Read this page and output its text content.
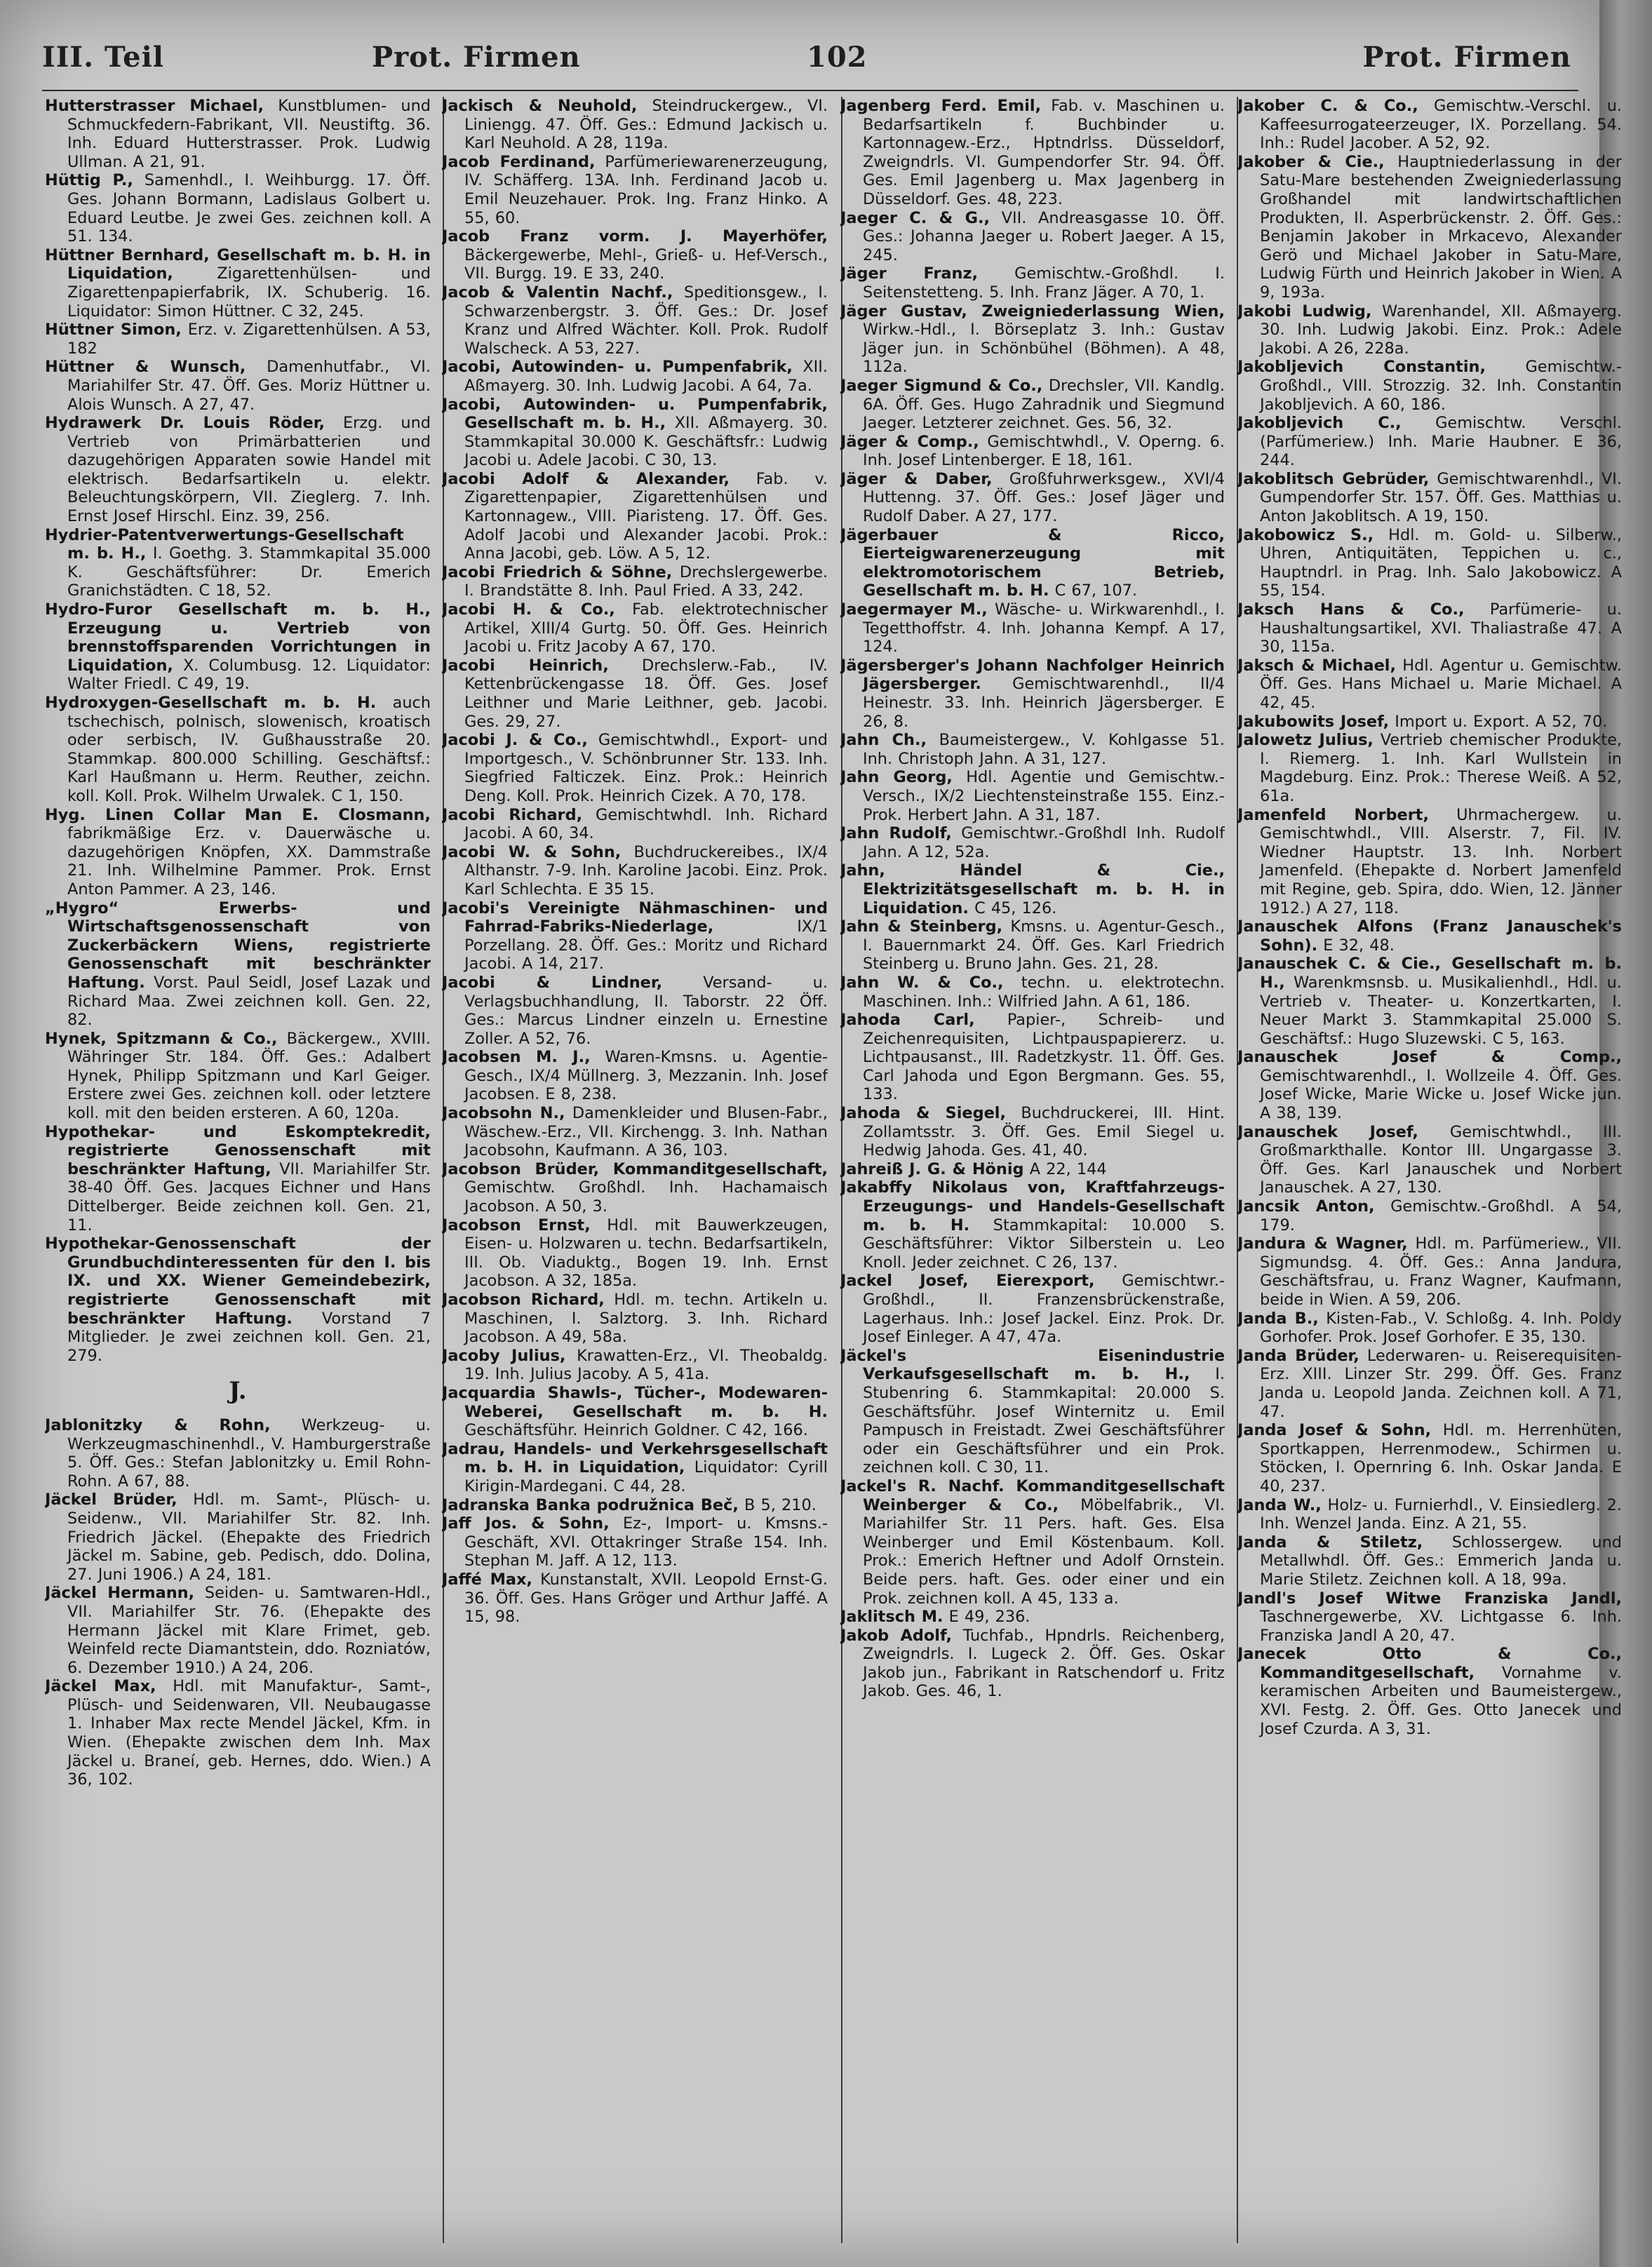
III. Teil	Prot. Firmen	102	Prot. Firmen

Hutterstrasser Michael, Kunstblumen- und Schmuckfedern-Fabrikant, VII. Neustiftg. 36. Inh. Eduard Hutterstrasser. Prok. Ludwig Ullman. A 21, 91.

Hüttig P., Samenhdl., I. Weihburgg. 17. Öff. Ges. Johann Bormann, Ladislaus Golbert u. Eduard Leutbe. Je zwei Ges. zeichnen koll. A 51. 134.

Hüttner Bernhard, Gesellschaft m. b. H. in Liquidation,	Zigarettenhülsen- und Zigarettenpapierfabrik, IX. Schuberig. 16. Liquidator: Simon Hüttner. C 32, 245.

Hüttner Simon, Erz. v. Zigarettenhülsen. A 53, 182

Hüttner & Wunsch, Damenhutfabr., VI. Mariahilfer Str. 47. Öff. Ges. Moriz Hüttner u. Alois Wunsch. A 27, 47.

Hydrawerk Dr. Louis Röder, Erzg. und Vertrieb von Primärbatterien und dazugehörigen Apparaten sowie Handel mit elektrisch. Bedarfsartikeln u. elektr. Beleuchtungskörpern, VII. Zieglerg. 7. Inh. Ernst Josef Hirschl. Einz. 39, 256.

Hydrier-Patentverwertungs-Gesellschaft m. b. H., I. Goethg. 3. Stammkapital 35.000 K. Geschäftsführer: Dr. Emerich Granichstädten. C 18, 52.

Hydro-Furor Gesellschaft m. b. H., Erzeugung u. Vertrieb von brennstoffsparenden Vorrichtungen in Liquidation, X. Columbusg. 12. Liquidator: Walter Friedl. C 49, 19.

Hydroxygen-Gesellschaft m. b. H. auch tschechisch, polnisch, slowenisch, kroatisch oder serbisch, IV. Gußhausstraße 20. Stammkap. 800.000 Schilling. Geschäftsf.: Karl Haußmann u. Herm. Reuther, zeichn. koll. Koll. Prok. Wilhelm Urwalek. C 1, 150.

Hyg. Linen Collar Man E. Closmann, fabrikmäßige Erz. v. Dauerwäsche u. dazugehörigen Knöpfen, XX. Dammstraße 21. Inh. Wilhelmine Pammer. Prok. Ernst Anton Pammer. A 23, 146.

„Hygro“ Erwerbs- und Wirtschaftsgenossenschaft von Zuckerbäckern Wiens, registrierte Genossenschaft mit beschränkter Haftung. Vorst. Paul Seidl, Josef Lazak und Richard Maa. Zwei zeichnen koll. Gen. 22, 82.

Hynek, Spitzmann & Co., Bäckergew., XVIII. Währinger Str. 184. Öff. Ges.: Adalbert Hynek, Philipp Spitzmann und Karl Geiger. Erstere zwei Ges. zeichnen koll. oder letztere koll. mit den beiden ersteren. A 60, 120a.

Hypothekar- und Eskomptekredit, registrierte Genossenschaft mit beschränkter Haftung, VII. Mariahilfer Str. 38-40 Öff. Ges. Jacques Eichner und Hans Dittelberger. Beide zeichnen koll. Gen. 21, 11.

Hypothekar-Genossenschaft der Grundbuchdinteressenten für den I. bis IX. und XX. Wiener Gemeindebezirk, registrierte Genossenschaft mit beschränkter Haftung. Vorstand 7 Mitglieder. Je zwei zeichnen koll. Gen. 21, 279.

J.

Jablonitzky & Rohn, Werkzeug- u. Werkzeugmaschinenhdl., V. Hamburgerstraße 5. Öff. Ges.: Stefan Jablonitzky u. Emil Rohn-Rohn. A 67, 88.

Jäckel Brüder, Hdl. m. Samt-, Plüsch- u. Seidenw., VII. Mariahilfer Str. 82. Inh. Friedrich Jäckel. (Ehepakte des Friedrich Jäckel m. Sabine, geb. Pedisch, ddo. Dolina, 27. Juni 1906.) A 24, 181.

Jäckel Hermann, Seiden- u. Samtwaren-Hdl., VII. Mariahilfer Str. 76. (Ehepakte des Hermann Jäckel mit Klare Frimet, geb. Weinfeld recte Diamantstein, ddo. Rozniatów, 6. Dezember 1910.) A 24, 206.

Jäckel Max, Hdl. mit Manufaktur-, Samt-, Plüsch- und Seidenwaren, VII. Neubaugasse 1. Inhaber Max recte Mendel Jäckel, Kfm. in Wien. (Ehepakte zwischen dem Inh. Max Jäckel u. Braneí, geb. Hernes, ddo. Wien.) A 36, 102.

Jackisch & Neuhold, Steindruckergew., VI. Liniengg. 47. Öff. Ges.: Edmund Jackisch u. Karl Neuhold. A 28, 119a.

Jacob Ferdinand, Parfümeriewarenerzeugung, IV. Schäfferg. 13A. Inh. Ferdinand Jacob u. Emil Neuzehauer. Prok. Ing. Franz Hinko. A 55, 60.

Jacob Franz vorm. J. Mayerhöfer, Bäckergewerbe, Mehl-, Grieß- u. Hef-Versch., VII. Burgg. 19. E 33, 240.

Jacob & Valentin Nachf., Speditionsgew., I. Schwarzenbergstr. 3. Öff. Ges.: Dr. Josef Kranz und Alfred Wächter. Koll. Prok. Rudolf Walscheck. A 53, 227.

Jacobi, Autowinden- u. Pumpenfabrik, XII. Aßmayerg. 30. Inh. Ludwig Jacobi. A 64, 7a.

Jacobi, Autowinden- u. Pumpenfabrik, Gesellschaft m. b. H., XII. Aßmayerg. 30. Stammkapital 30.000 K. Geschäftsfr.: Ludwig Jacobi u. Adele Jacobi. C 30, 13.

Jacobi Adolf & Alexander, Fab. v. Zigarettenpapier, Zigarettenhülsen und Kartonnagew., VIII. Piaristeng. 17. Öff. Ges. Adolf Jacobi und Alexander Jacobi. Prok.: Anna Jacobi, geb. Löw. A 5, 12.

Jacobi Friedrich & Söhne, Drechslergewerbe. I. Brandstätte 8. Inh. Paul Fried. A 33, 242.

Jacobi H. & Co., Fab. elektrotechnischer Artikel, XIII/4 Gurtg. 50. Öff. Ges. Heinrich Jacobi u. Fritz Jacoby A 67, 170.

Jacobi Heinrich, Drechslerw.-Fab., IV. Kettenbrückengasse 18. Öff. Ges. Josef Leithner und Marie Leithner, geb. Jacobi. Ges. 29, 27.

Jacobi J. & Co., Gemischtwhdl., Export- und Importgesch., V. Schönbrunner Str. 133. Inh. Siegfried Falticzek. Einz. Prok.: Heinrich Deng. Koll. Prok. Heinrich Cizek. A 70, 178.

Jacobi Richard, Gemischtwhdl. Inh. Richard Jacobi. A 60, 34.

Jacobi W. & Sohn, Buchdruckereibes., IX/4 Althanstr. 7-9. Inh. Karoline Jacobi. Einz. Prok. Karl Schlechta. E 35 15.

Jacobi's Vereinigte Nähmaschinen- und Fahrrad-Fabriks-Niederlage,	IX/1 Porzellang. 28. Öff. Ges.: Moritz und Richard Jacobi. A 14, 217.

Jacobi & Lindner,	Versand- u. Verlagsbuchhandlung, II. Taborstr. 22 Öff. Ges.: Marcus Lindner einzeln u. Ernestine Zoller. A 52, 76.

Jacobsen M. J., Waren-Kmsns. u. Agentie-Gesch., IX/4 Müllnerg. 3, Mezzanin. Inh. Josef Jacobsen. E 8, 238.

Jacobsohn N., Damenkleider und Blusen-Fabr., Wäschew.-Erz., VII. Kirchengg. 3. Inh. Nathan Jacobsohn, Kaufmann. A 36, 103.

Jacobson Brüder, Kommanditgesellschaft, Gemischtw. Großhdl. Inh. Hachamaisch Jacobson. A 50, 3.

Jacobson Ernst, Hdl. mit Bauwerkzeugen, Eisen- u. Holzwaren u. techn. Bedarfsartikeln, III. Ob. Viaduktg., Bogen 19. Inh. Ernst Jacobson. A 32, 185a.

Jacobson Richard, Hdl. m. techn. Artikeln u. Maschinen, I. Salztorg. 3. Inh. Richard Jacobson. A 49, 58a.

Jacoby Julius, Krawatten-Erz., VI. Theobaldg. 19. Inh. Julius Jacoby. A 5, 41a.

Jacquardia Shawls-, Tücher-, Modewaren-Weberei, Gesellschaft m. b. H. Geschäftsführ. Heinrich Goldner. C 42, 166.

Jadrau, Handels- und Verkehrsgesellschaft m. b. H. in Liquidation, Liquidator: Cyrill Kirigin-Mardegani. C 44, 28.

Jadranska Banka podružnica Beč, B 5, 210.

Jaff Jos. & Sohn, Ez-, Import- u. Kmsns.-Geschäft, XVI. Ottakringer Straße 154. Inh. Stephan M. Jaff. A 12, 113.

Jaffé Max, Kunstanstalt, XVII. Leopold Ernst-G. 36. Öff. Ges. Hans Gröger und Arthur Jaffé. A 15, 98.

Jagenberg Ferd. Emil, Fab. v. Maschinen u. Bedarfsartikeln f. Buchbinder u. Kartonnagew.-Erz., Hptndrlss. Düsseldorf, Zweigndrls. VI. Gumpendorfer Str. 94. Öff. Ges. Emil Jagenberg u. Max Jagenberg in Düsseldorf. Ges. 48, 223.

Jaeger C. & G., VII. Andreasgasse 10. Öff. Ges.: Johanna Jaeger u. Robert Jaeger. A 15, 245.

Jäger Franz, Gemischtw.-Großhdl. I. Seitenstetteng. 5. Inh. Franz Jäger. A 70, 1.

Jäger Gustav, Zweigniederlassung Wien, Wirkw.-Hdl., I. Börseplatz 3. Inh.: Gustav Jäger jun. in Schönbühel (Böhmen). A 48, 112a.

Jaeger Sigmund & Co., Drechsler, VII. Kandlg. 6A. Öff. Ges. Hugo Zahradnik und Siegmund Jaeger. Letzterer zeichnet. Ges. 56, 32.

Jäger & Comp., Gemischtwhdl., V. Operng. 6. Inh. Josef Lintenberger. E 18, 161.

Jäger & Daber, Großfuhrwerksgew., XVI/4 Huttenng. 37. Öff. Ges.: Josef Jäger und Rudolf Daber. A 27, 177.

Jägerbauer & Ricco, Eierteigwarenerzeugung mit elektromotorischem Betrieb, Gesellschaft m. b. H. C 67, 107.

Jaegermayer M., Wäsche- u. Wirkwarenhdl., I. Tegetthoffstr. 4. Inh. Johanna Kempf. A 17, 124.

Jägersberger's Johann Nachfolger Heinrich Jägersberger. Gemischtwarenhdl., II/4 Heinestr. 33. Inh. Heinrich Jägersberger. E 26, 8.

Jahn Ch., Baumeistergew., V. Kohlgasse 51. Inh. Christoph Jahn. A 31, 127.

Jahn Georg, Hdl. Agentie und Gemischtw.-Versch., IX/2 Liechtensteinstraße 155. Einz.-Prok. Herbert Jahn. A 31, 187.

Jahn Rudolf, Gemischtwr.-Großhdl Inh. Rudolf Jahn. A 12, 52a.

Jahn, Händel & Cie., Elektrizitätsgesellschaft m. b. H. in Liquidation. C 45, 126.

Jahn & Steinberg, Kmsns. u. Agentur-Gesch., I. Bauernmarkt 24. Öff. Ges. Karl Friedrich Steinberg u. Bruno Jahn. Ges. 21, 28.

Jahn W. & Co., techn. u. elektrotechn. Maschinen. Inh.: Wilfried Jahn. A 61, 186.

Jahoda Carl, Papier-, Schreib- und Zeichenrequisiten, Lichtpauspapiererz. u. Lichtpausanst., III. Radetzkystr. 11. Öff. Ges. Carl Jahoda und Egon Bergmann. Ges. 55, 133.

Jahoda & Siegel, Buchdruckerei, III. Hint. Zollamtsstr. 3. Öff. Ges. Emil Siegel u. Hedwig Jahoda. Ges. 41, 40.

Jahreiß J. G. & Hönig A 22, 144

Jakabffy Nikolaus von, Kraftfahrzeugs-Erzeugungs- und Handels-Gesellschaft m. b. H. Stammkapital: 10.000 S. Geschäftsführer: Viktor Silberstein u. Leo Knoll. Jeder zeichnet. C 26, 137.

Jackel Josef, Eierexport, Gemischtwr.-Großhdl., II. Franzensbrückenstraße, Lagerhaus. Inh.: Josef Jackel. Einz. Prok. Dr. Josef Einleger. A 47, 47a.

Jäckel's Eisenindustrie Verkaufsgesellschaft m. b. H., I. Stubenring 6. Stammkapital: 20.000 S. Geschäftsführ. Josef Winternitz u. Emil Pampusch in Freistadt. Zwei Geschäftsführer oder ein Geschäftsführer und ein Prok. zeichnen koll. C 30, 11.

Jackel's R. Nachf. Kommanditgesellschaft Weinberger & Co., Möbelfabrik., VI. Mariahilfer Str. 11 Pers. haft. Ges. Elsa Weinberger und Emil Köstenbaum. Koll. Prok.: Emerich Heftner und Adolf Ornstein. Beide pers. haft. Ges. oder einer und ein Prok. zeichnen koll. A 45, 133 a.

Jaklitsch M. E 49, 236.

Jakob Adolf, Tuchfab., Hpndrls. Reichenberg, Zweigndrls. I. Lugeck 2. Öff. Ges. Oskar Jakob jun., Fabrikant in Ratschendorf u. Fritz Jakob. Ges. 46, 1.

Jakober C. & Co., Gemischtw.-Verschl. u. Kaffeesurrogateerzeuger, IX. Porzellang. 54. Inh.: Rudel Jacober. A 52, 92.

Jakober & Cie., Hauptniederlassung in der Satu-Mare bestehenden Zweigniederlassung Großhandel mit landwirtschaftlichen Produkten, II. Asperbrückenstr. 2. Öff. Ges.: Benjamin Jakober in Mrkacevo, Alexander Gerö und Michael Jakober in Satu-Mare, Ludwig Fürth und Heinrich Jakober in Wien. A 9, 193a.

Jakobi Ludwig, Warenhandel, XII. Aßmayerg. 30. Inh. Ludwig Jakobi. Einz. Prok.: Adele Jakobi. A 26, 228a.

Jakobljevich Constantin,	Gemischtw.-Großhdl., VIII. Strozzig. 32. Inh. Constantin Jakobljevich. A 60, 186.

Jakobljevich C., Gemischtw. Verschl. (Parfümeriew.) Inh. Marie Haubner. E 36, 244.

Jakoblitsch Gebrüder, Gemischtwarenhdl., VI. Gumpendorfer Str. 157. Öff. Ges. Matthias u. Anton Jakoblitsch. A 19, 150.

Jakobowicz S., Hdl. m. Gold- u. Silberw., Uhren, Antiquitäten, Teppichen u. c., Hauptndrl. in Prag. Inh. Salo Jakobowicz. A 55, 154.

Jaksch Hans & Co., Parfümerie- u. Haushaltungsartikel, XVI. Thaliastraße 47. A 30, 115a.

Jaksch & Michael, Hdl. Agentur u. Gemischtw. Öff. Ges. Hans Michael u. Marie Michael. A 42, 45.

Jakubowits Josef, Import u. Export. A 52, 70.

Jalowetz Julius, Vertrieb chemischer Produkte, I. Riemerg. 1. Inh. Karl Wullstein in Magdeburg. Einz. Prok.: Therese Weiß. A 52, 61a.

Jamenfeld Norbert, Uhrmachergew. u. Gemischtwhdl., VIII. Alserstr. 7, Fil. IV. Wiedner Hauptstr. 13. Inh. Norbert Jamenfeld. (Ehepakte d. Norbert Jamenfeld mit Regine, geb. Spira, ddo. Wien, 12. Jänner 1912.) A 27, 118.

Janauschek Alfons (Franz Janauschek's Sohn). E 32, 48.

Janauschek C. & Cie., Gesellschaft m. b. H., Warenkmsnsb. u. Musikalienhdl., Hdl. u. Vertrieb v. Theater- u. Konzertkarten, I. Neuer Markt 3. Stammkapital 25.000 S. Geschäftsf.: Hugo Sluzewski. C 5, 163.

Janauschek Josef & Comp., Gemischtwarenhdl., I. Wollzeile 4. Öff. Ges. Josef Wicke, Marie Wicke u. Josef Wicke jun. A 38, 139.

Janauschek Josef, Gemischtwhdl., III. Großmarkthalle. Kontor III. Ungargasse 3. Öff. Ges. Karl Janauschek und Norbert Janauschek. A 27, 130.

Jancsik Anton, Gemischtw.-Großhdl. A 54, 179.

Jandura & Wagner, Hdl. m. Parfümeriew., VII. Sigmundsg. 4. Öff. Ges.: Anna Jandura, Geschäftsfrau, u. Franz Wagner, Kaufmann, beide in Wien. A 59, 206.

Janda B., Kisten-Fab., V. Schloßg. 4. Inh. Poldy Gorhofer. Prok. Josef Gorhofer. E 35, 130.

Janda Brüder, Lederwaren- u. Reiserequisiten-Erz. XIII. Linzer Str. 299. Öff. Ges. Franz Janda u. Leopold Janda. Zeichnen koll. A 71, 47.

Janda Josef & Sohn, Hdl. m. Herrenhüten, Sportkappen, Herrenmodew., Schirmen u. Stöcken, I. Opernring 6. Inh. Oskar Janda. E 40, 237.

Janda W., Holz- u. Furnierhdl., V. Einsiedlerg. 2. Inh. Wenzel Janda. Einz. A 21, 55.

Janda & Stiletz, Schlossergew. und Metallwhdl. Öff. Ges.: Emmerich Janda u. Marie Stiletz. Zeichnen koll. A 18, 99a.

Jandl's Josef Witwe Franziska Jandl, Taschnergewerbe, XV. Lichtgasse 6. Inh. Franziska Jandl A 20, 47.

Janecek Otto & Co., Kommanditgesellschaft, Vornahme v. keramischen Arbeiten und Baumeistergew., XVI. Festg. 2. Öff. Ges. Otto Janecek und Josef Czurda. A 3, 31.
